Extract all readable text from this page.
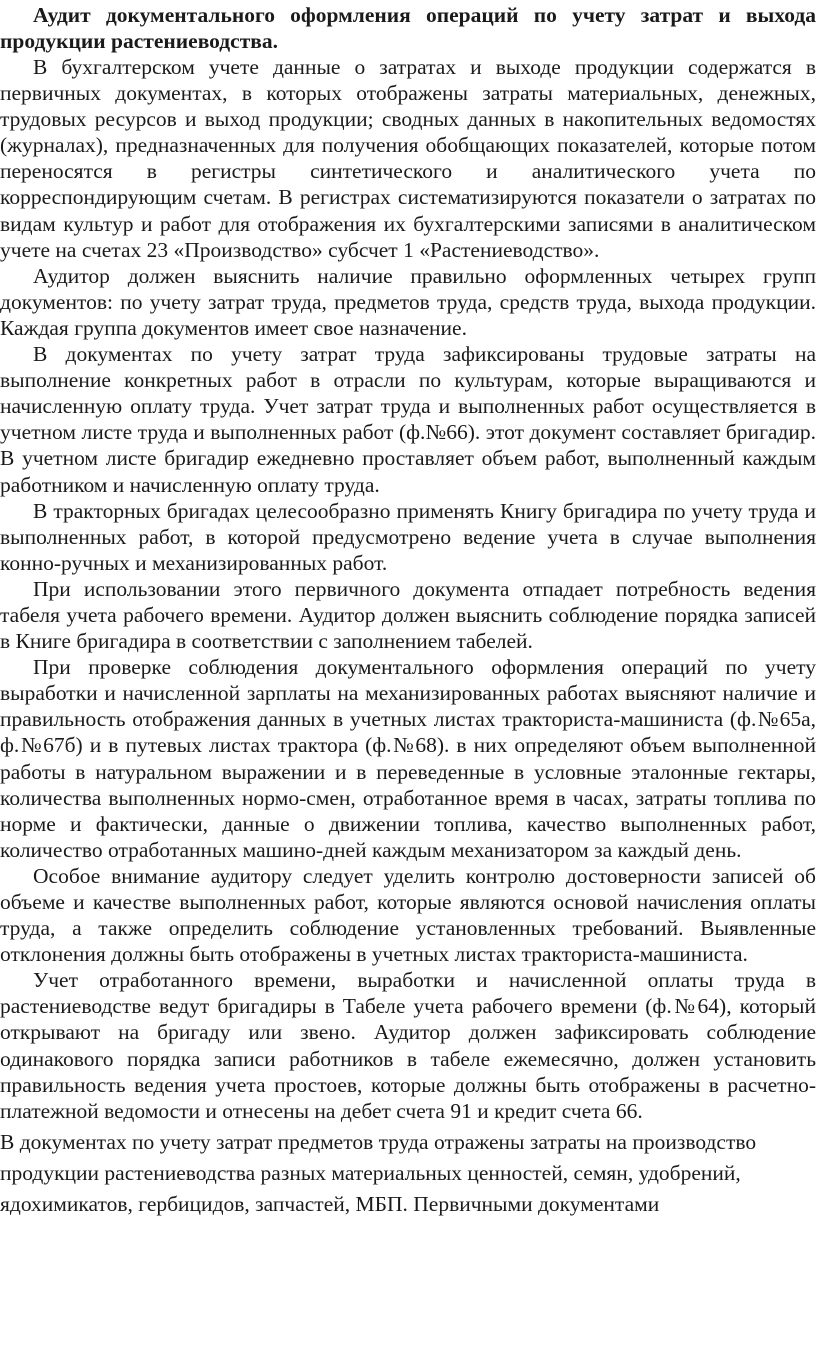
Аудит документального оформления операций по учету затрат и выхода продукции растениеводства.

В бухгалтерском учете данные о затратах и выходе продукции содержатся в первичных документах, в которых отображены затраты материальных, денежных, трудовых ресурсов и выход продукции; сводных данных в накопительных ведомостях (журналах), предназначенных для получения обобщающих показателей, которые потом переносятся в регистры синтетического и аналитического учета по корреспондирующим счетам. В регистрах систематизируются показатели о затратах по видам культур и работ для отображения их бухгалтерскими записями в аналитическом учете на счетах 23 «Производство» субсчет 1 «Растениеводство».

Аудитор должен выяснить наличие правильно оформленных четырех групп документов: по учету затрат труда, предметов труда, средств труда, выхода продукции. Каждая группа документов имеет свое назначение.

В документах по учету затрат труда зафиксированы трудовые затраты на выполнение конкретных работ в отрасли по культурам, которые выращиваются и начисленную оплату труда. Учет затрат труда и выполненных работ осуществляется в учетном листе труда и выполненных работ (ф.№66). этот документ составляет бригадир. В учетном листе бригадир ежедневно проставляет объем работ, выполненный каждым работником и начисленную оплату труда.

В тракторных бригадах целесообразно применять Книгу бригадира по учету труда и выполненных работ, в которой предусмотрено ведение учета в случае выполнения конно-ручных и механизированных работ.

При использовании этого первичного документа отпадает потребность ведения табеля учета рабочего времени. Аудитор должен выяснить соблюдение порядка записей в Книге бригадира в соответствии с заполнением табелей.

При проверке соблюдения документального оформления операций по учету выработки и начисленной зарплаты на механизированных работах выясняют наличие и правильность отображения данных в учетных листах тракториста-машиниста (ф.№65а, ф.№67б) и в путевых листах трактора (ф.№68). в них определяют объем выполненной работы в натуральном выражении и в переведенные в условные эталонные гектары, количества выполненных нормо-смен, отработанное время в часах, затраты топлива по норме и фактически, данные о движении топлива, качество выполненных работ, количество отработанных машино-дней каждым механизатором за каждый день.

Особое внимание аудитору следует уделить контролю достоверности записей об объеме и качестве выполненных работ, которые являются основой начисления оплаты труда, а также определить соблюдение установленных требований. Выявленные отклонения должны быть отображены в учетных листах тракториста-машиниста.

Учет отработанного времени, выработки и начисленной оплаты труда в растениеводстве ведут бригадиры в Табеле учета рабочего времени (ф.№64), который открывают на бригаду или звено. Аудитор должен зафиксировать соблюдение одинакового порядка записи работников в табеле ежемесячно, должен установить правильность ведения учета простоев, которые должны быть отображены в расчетно-платежной ведомости и отнесены на дебет счета 91 и кредит счета 66.

В документах по учету затрат предметов труда отражены затраты на производство продукции растениеводства разных материальных ценностей, семян, удобрений, ядохимикатов, гербицидов, запчастей, МБП. Первичными документами
